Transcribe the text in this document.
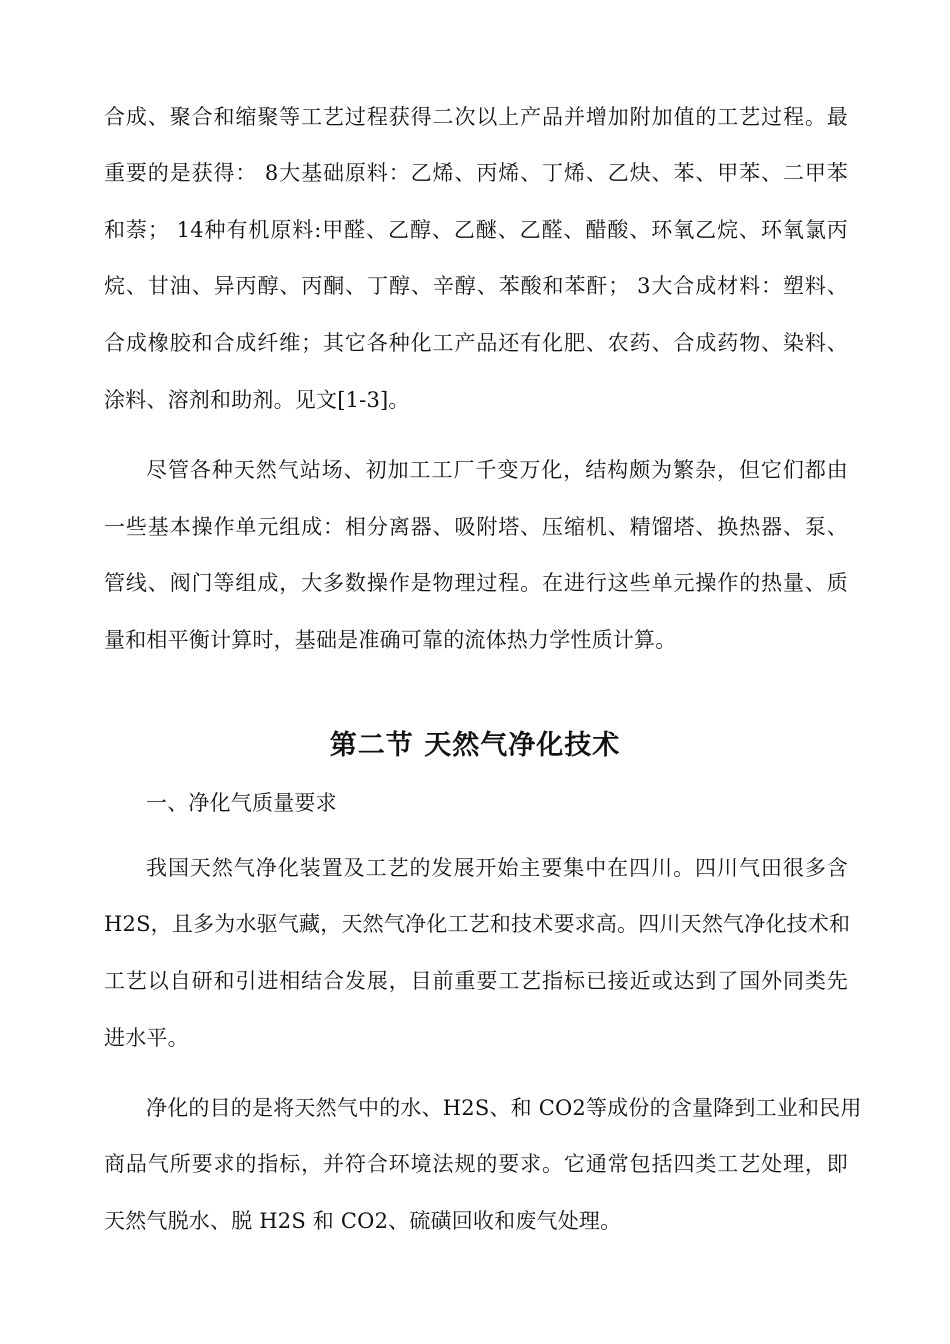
合成、聚合和缩聚等工艺过程获得二次以上产品并增加附加值的工艺过程。最
重要的是获得： 8大基础原料：乙烯、丙烯、丁烯、乙炔、苯、甲苯、二甲苯
和萘； 14种有机原料:甲醛、乙醇、乙醚、乙醛、醋酸、环氧乙烷、环氧氯丙
烷、甘油、异丙醇、丙酮、丁醇、辛醇、苯酸和苯酐； 3大合成材料：塑料、
合成橡胶和合成纤维；其它各种化工产品还有化肥、农药、合成药物、染料、
涂料、溶剂和助剂。见文[1-3]。
尽管各种天然气站场、初加工工厂千变万化，结构颇为繁杂，但它们都由
一些基本操作单元组成：相分离器、吸附塔、压缩机、精馏塔、换热器、泵、
管线、阀门等组成，大多数操作是物理过程。在进行这些单元操作的热量、质
量和相平衡计算时，基础是准确可靠的流体热力学性质计算。
第二节 天然气净化技术
一、净化气质量要求
我国天然气净化装置及工艺的发展开始主要集中在四川。四川气田很多含
H2S，且多为水驱气藏，天然气净化工艺和技术要求高。四川天然气净化技术和
工艺以自研和引进相结合发展，目前重要工艺指标已接近或达到了国外同类先
进水平。
净化的目的是将天然气中的水、H2S、和 CO2等成份的含量降到工业和民用
商品气所要求的指标，并符合环境法规的要求。它通常包括四类工艺处理，即
天然气脱水、脱 H2S 和 CO2、硫磺回收和废气处理。
